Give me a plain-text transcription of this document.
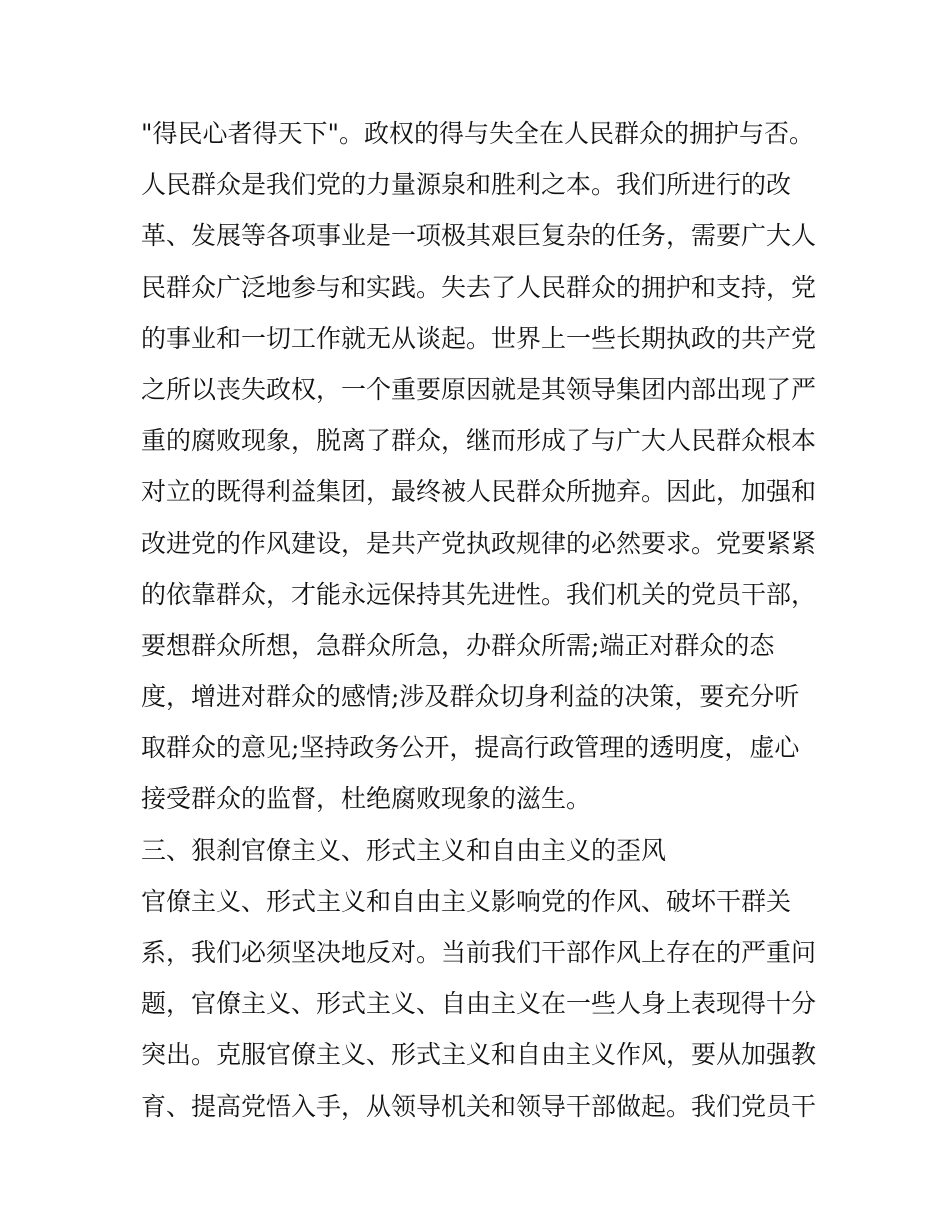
"得民心者得天下"。政权的得与失全在人民群众的拥护与否。
人民群众是我们党的力量源泉和胜利之本。我们所进行的改
革、发展等各项事业是一项极其艰巨复杂的任务，需要广大人
民群众广泛地参与和实践。失去了人民群众的拥护和支持，党
的事业和一切工作就无从谈起。世界上一些长期执政的共产党
之所以丧失政权，一个重要原因就是其领导集团内部出现了严
重的腐败现象，脱离了群众，继而形成了与广大人民群众根本
对立的既得利益集团，最终被人民群众所抛弃。因此，加强和
改进党的作风建设，是共产党执政规律的必然要求。党要紧紧
的依靠群众，才能永远保持其先进性。我们机关的党员干部，
要想群众所想，急群众所急，办群众所需;端正对群众的态
度，增进对群众的感情;涉及群众切身利益的决策，要充分听
取群众的意见;坚持政务公开，提高行政管理的透明度，虚心
接受群众的监督，杜绝腐败现象的滋生。
三、狠刹官僚主义、形式主义和自由主义的歪风
官僚主义、形式主义和自由主义影响党的作风、破坏干群关
系，我们必须坚决地反对。当前我们干部作风上存在的严重问
题，官僚主义、形式主义、自由主义在一些人身上表现得十分
突出。克服官僚主义、形式主义和自由主义作风，要从加强教
育、提高党悟入手，从领导机关和领导干部做起。我们党员干
